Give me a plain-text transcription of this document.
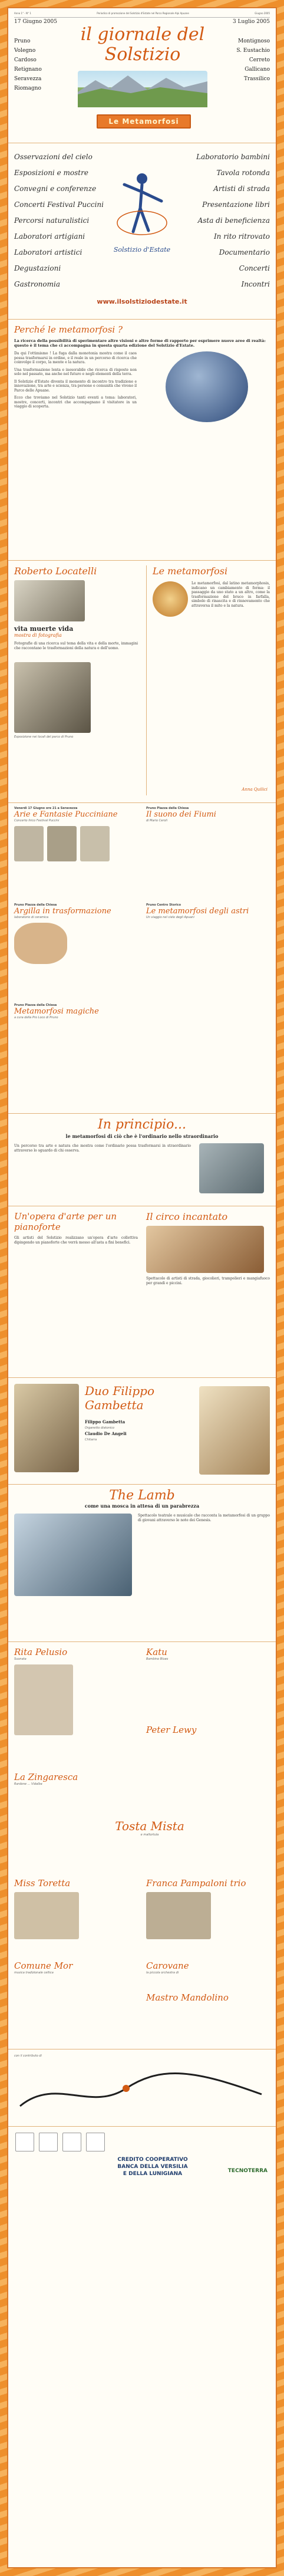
Anno 1° - N° 1	Periodico di promozione del Solstizio d'Estate nel Parco Regionale Alpi Apuane	Giugno 2005
17 Giugno 2005	3 Luglio 2005
Pruno
Volegno
Cardoso
Retignano
Seravezza
Riomagno
Montignoso
S. Eustachio
Cerreto
Gallicano
Trassilico
il giornale del Solstizio
Le Metamorfosi
Osservazioni del cielo
Esposizioni e mostre
Convegni e conferenze
Concerti Festival Puccini
Percorsi naturalistici
Laboratori artigiani
Laboratori artistici
Degustazioni
Gastronomia
Laboratorio bambini
Tavola rotonda
Artisti di strada
Presentazione libri
Asta di beneficienza
In rito ritrovato
Documentario
Concerti
Incontri
Solstizio d'Estate
www.ilsolstiziodestate.it
Perché le metamorfosi ?
La ricerca della possibilità di sperimentare altre visioni e altre forme di rapporto per esprimere nuove aree di realtà: questo è il tema che ci accompagna in questa quarta edizione del Solstizio d'Estate.
Da qui l'ottimismo ! La fuga dalla monotonia mostra come il caos possa trasformarsi in ordine, e il reale in un percorso di ricerca che coinvolge il corpo, la mente e la natura.
Una trasformazione lenta e inesorabile che ricerca di risposte non solo nel passato, ma anche nel futuro e negli elementi della terra.
Il Solstizio d'Estate diventa il momento di incontro tra tradizione e innovazione, tra arte e scienza, tra persone e comunità che vivono il Parco delle Apuane.
Ecco che troviamo nel Solstizio tanti eventi a tema: laboratori, mostre, concerti, incontri che accompagnano il visitatore in un viaggio di scoperta.
Roberto Locatelli
vita muerte vida
mostra di fotografia
Fotografie di una ricerca sul tema della vita e della morte, immagini che raccontano le trasformazioni della natura e dell'uomo.
Esposizione nei locali del parco di Pruno
Le metamorfosi
Le metamorfosi, dal latino metamorphosis, indicano un cambiamento di forma: il passaggio da uno stato a un altro, come la trasformazione del bruco in farfalla, simbolo di rinascita e di rinnovamento che attraversa il mito e la natura.
Anna Quilici
Venerdì 17 Giugno ore 21 a Seravezza
Arie e Fantasie Pucciniane
Concerto lirico Festival Puccini
Pruno Piazza della Chiesa
Il suono dei Fiumi
di Mario Ceroli
Pruno Piazza della Chiesa
Argilla in trasformazione
laboratorio di ceramica
Pruno Centro Storico
Le metamorfosi degli astri
Un viaggio nel cielo degli Apuani
Pruno Piazza della Chiesa
Metamorfosi magiche
a cura della Pro Loco di Pruno
In principio...
le metamorfosi di ciò che è l'ordinario nello straordinario
Un percorso tra arte e natura che mostra come l'ordinario possa trasformarsi in straordinario attraverso lo sguardo di chi osserva.
Un'opera d'arte per un pianoforte
Gli artisti del Solstizio realizzano un'opera d'arte collettiva dipingendo un pianoforte che verrà messo all'asta a fini benefici.
Il circo incantato
Spettacolo di artisti di strada, giocolieri, trampolieri e mangiafuoco per grandi e piccini.
Duo Filippo Gambetta
Filippo Gambetta
Organetto diatonico
Claudio De Angeli
Chitarra
The Lamb
come una mosca in attesa di un parabrezza
Spettacolo teatrale e musicale che racconta la metamorfosi di un gruppo di giovani attraverso le note dei Genesis.
Rita Pelusio
Suonata
Katu
Bambino Blues
Peter Lewy
La Zingaresca
Rardone ... Vidalba
Tosta Mista
e maltortula
Miss Toretta	Franca Pampaloni trio
Comune Mor
musica tradizionale celtica
Carovane
la piccola orchestra di
Mastro Mandolino
con il contributo di
CREDITO COOPERATIVO
BANCA DELLA VERSILIA
E DELLA LUNIGIANA	TECNOTERRA
